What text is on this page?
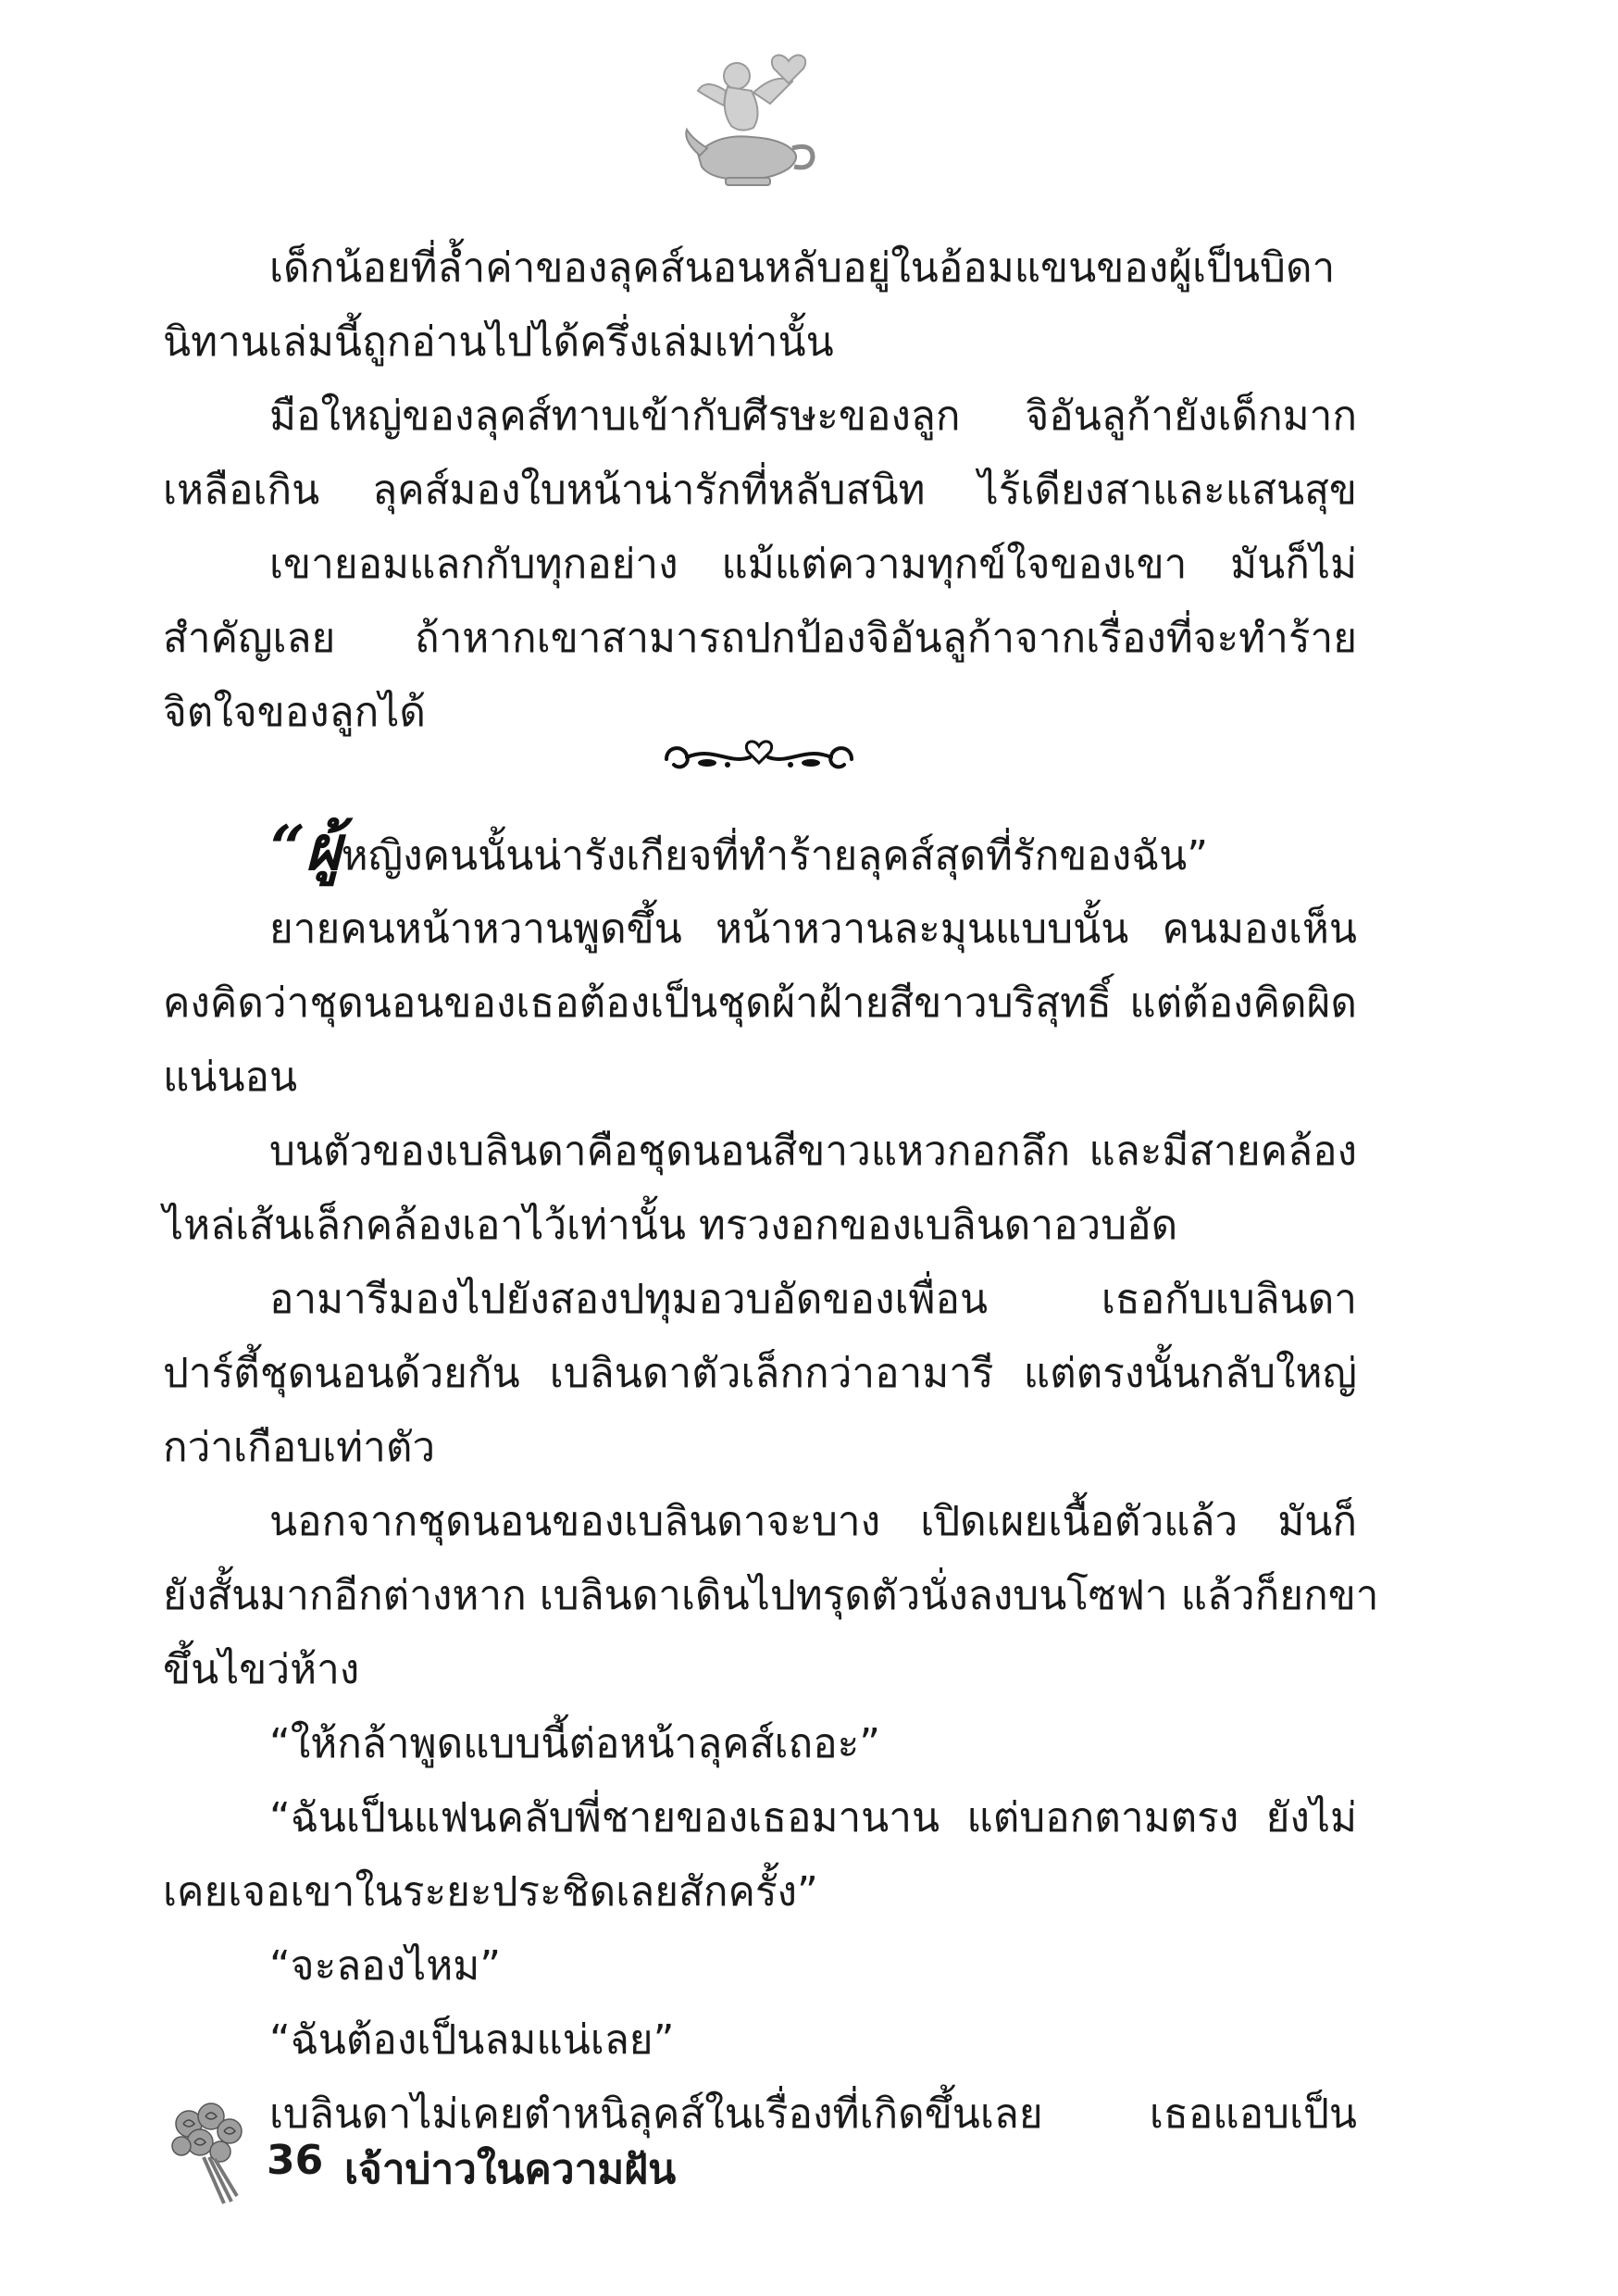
เด็กน้อยที่ล้ำค่าของลุคส์นอนหลับอยู่ในอ้อมแขนของผู้เป็นบิดา
นิทานเล่มนี้ถูกอ่านไปได้ครึ่งเล่มเท่านั้น
มือใหญ่ของลุคส์ทาบเข้ากับศีรษะของลูก จิอันลูก้ายังเด็กมาก
เหลือเกิน ลุคส์มองใบหน้าน่ารักที่หลับสนิท ไร้เดียงสาและแสนสุข
เขายอมแลกกับทุกอย่าง แม้แต่ความทุกข์ใจของเขา มันก็ไม่
สำคัญเลย ถ้าหากเขาสามารถปกป้องจิอันลูก้าจากเรื่องที่จะทำร้าย
จิตใจของลูกได้
“ผู้หญิงคนนั้นน่ารังเกียจที่ทำร้ายลุคส์สุดที่รักของฉัน”
ยายคนหน้าหวานพูดขึ้น หน้าหวานละมุนแบบนั้น คนมองเห็น
คงคิดว่าชุดนอนของเธอต้องเป็นชุดผ้าฝ้ายสีขาวบริสุทธิ์ แต่ต้องคิดผิด
แน่นอน
บนตัวของเบลินดาคือชุดนอนสีขาวแหวกอกลึก และมีสายคล้อง
ไหล่เส้นเล็กคล้องเอาไว้เท่านั้น ทรวงอกของเบลินดาอวบอัด
อามารีมองไปยังสองปทุมอวบอัดของเพื่อน เธอกับเบลินดา
ปาร์ตี้ชุดนอนด้วยกัน เบลินดาตัวเล็กกว่าอามารี แต่ตรงนั้นกลับใหญ่
กว่าเกือบเท่าตัว
นอกจากชุดนอนของเบลินดาจะบาง เปิดเผยเนื้อตัวแล้ว มันก็
ยังสั้นมากอีกต่างหาก เบลินดาเดินไปทรุดตัวนั่งลงบนโซฟา แล้วก็ยกขา
ขึ้นไขว่ห้าง
“ให้กล้าพูดแบบนี้ต่อหน้าลุคส์เถอะ”
“ฉันเป็นแฟนคลับพี่ชายของเธอมานาน แต่บอกตามตรง ยังไม่
เคยเจอเขาในระยะประชิดเลยสักครั้ง”
“จะลองไหม”
“ฉันต้องเป็นลมแน่เลย”
เบลินดาไม่เคยตำหนิลุคส์ในเรื่องที่เกิดขึ้นเลย เธอแอบเป็น
36 เจ้าบ่าวในความฝัน
